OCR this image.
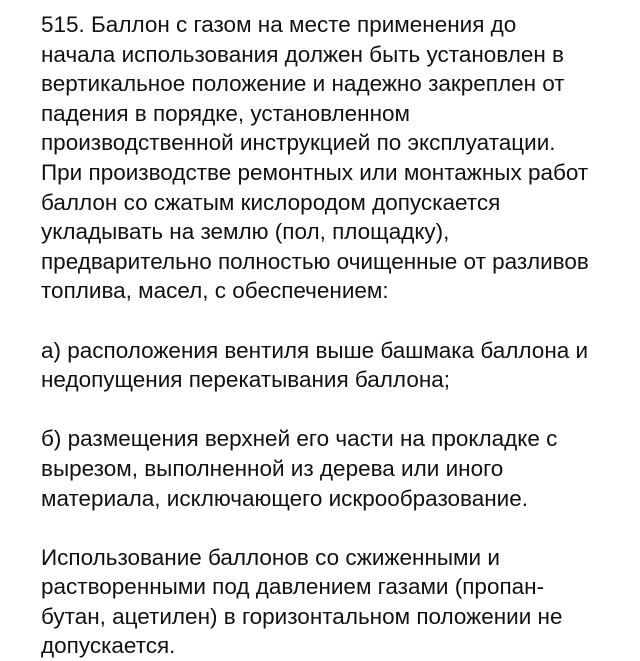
515. Баллон с газом на месте применения до
начала использования должен быть установлен в
вертикальное положение и надежно закреплен от
падения в порядке, установленном
производственной инструкцией по эксплуатации.
При производстве ремонтных или монтажных работ
баллон со сжатым кислородом допускается
укладывать на землю (пол, площадку),
предварительно полностью очищенные от разливов
топлива, масел, с обеспечением:
а) расположения вентиля выше башмака баллона и
недопущения перекатывания баллона;
б) размещения верхней его части на прокладке с
вырезом, выполненной из дерева или иного
материала, исключающего искрообразование.
Использование баллонов со сжиженными и
растворенными под давлением газами (пропан-
бутан, ацетилен) в горизонтальном положении не
допускается.
